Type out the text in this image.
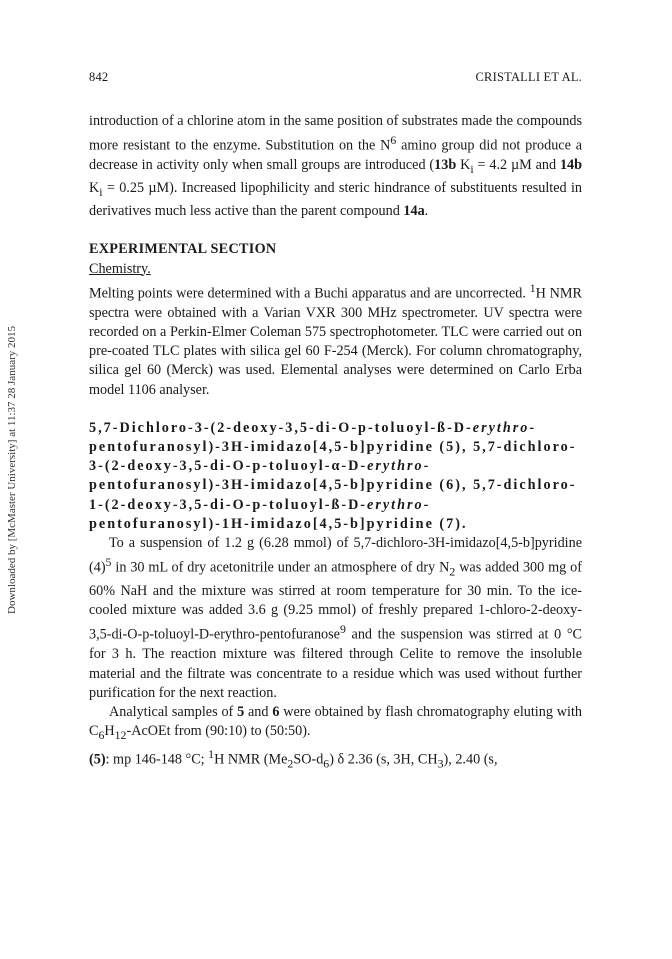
842	CRISTALLI ET AL.
Downloaded by [McMaster University] at 11:37 28 January 2015

introduction of a chlorine atom in the same position of substrates made the compounds more resistant to the enzyme. Substitution on the $N^6$ amino group did not produce a decrease in activity only when small groups are introduced (13b $K_i = 4.2$ µM and 14b $K_i = 0.25$ µM). Increased lipophilicity and steric hindrance of substituents resulted in derivatives much less active than the parent compound 14a.

EXPERIMENTAL SECTION

Chemistry.

Melting points were determined with a Buchi apparatus and are uncorrected. $^1$H NMR spectra were obtained with a Varian VXR 300 MHz spectrometer. UV spectra were recorded on a Perkin-Elmer Coleman 575 spectrophotometer. TLC were carried out on pre-coated TLC plates with silica gel 60 F-254 (Merck). For column chromatography, silica gel 60 (Merck) was used. Elemental analyses were determined on Carlo Erba model 1106 analyser.

5,7-Dichloro-3-(2-deoxy-3,5-di-O-p-toluoyl-ß-D-erythro-pentofuranosyl)-3H-imidazo[4,5-b]pyridine (5), 5,7-dichloro-3-(2-deoxy-3,5-di-O-p-toluoyl-α-D-erythro-pentofuranosyl)-3H-imidazo[4,5-b]pyridine (6), 5,7-dichloro-1-(2-deoxy-3,5-di-O-p-toluoyl-ß-D-erythro-pentofuranosyl)-1H-imidazo[4,5-b]pyridine (7).

To a suspension of 1.2 g (6.28 mmol) of 5,7-dichloro-3H-imidazo[4,5-b]pyridine $(4)^5$ in 30 mL of dry acetonitrile under an atmosphere of dry $N_2$ was added 300 mg of 60% NaH and the mixture was stirred at room temperature for 30 min. To the ice-cooled mixture was added 3.6 g (9.25 mmol) of freshly prepared 1-chloro-2-deoxy-3,5-di-O-p-toluoyl-D-erythro-pentofuranose$^9$ and the suspension was stirred at 0 °C for 3 h. The reaction mixture was filtered through Celite to remove the insoluble material and the filtrate was concentrate to a residue which was used without further purification for the next reaction.

Analytical samples of 5 and 6 were obtained by flash chromatography eluting with $C_6H_{12}$-AcOEt from (90:10) to (50:50).

(5): mp 146-148 °C; $^1$H NMR $(Me_2SO-d_6)$ δ 2.36 (s, 3H, $CH_3$), 2.40 (s,
